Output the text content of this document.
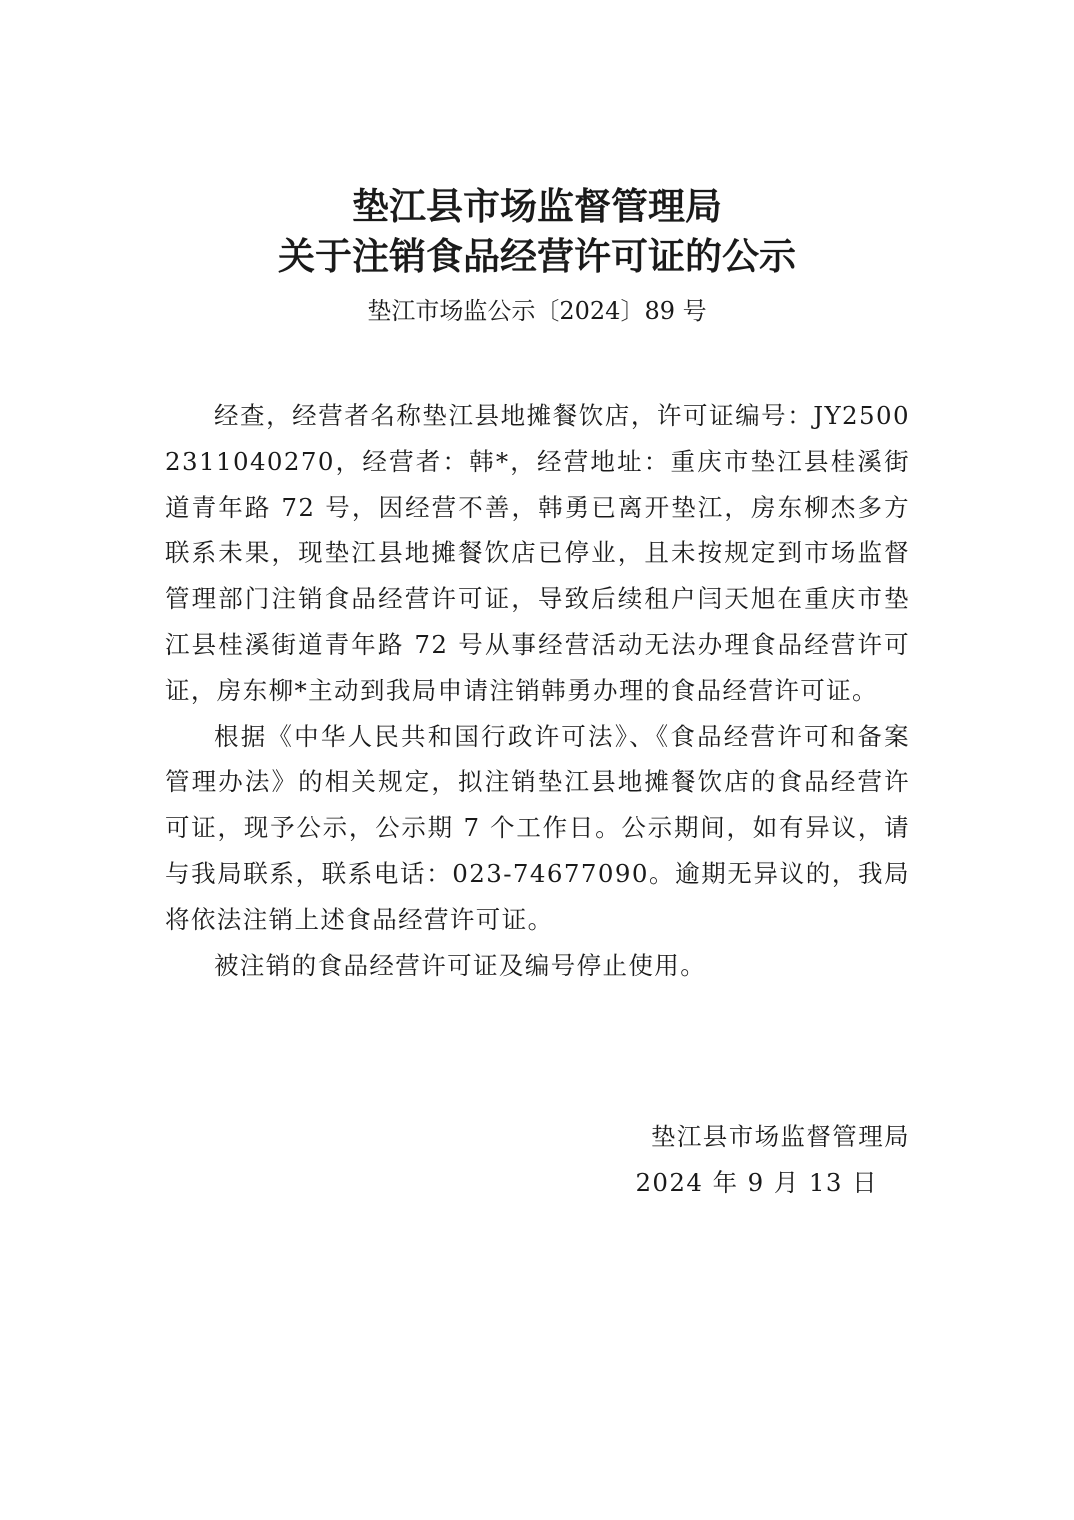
垫江县市场监督管理局
关于注销食品经营许可证的公示
垫江市场监公示〔2024〕89 号

经查，经营者名称垫江县地摊餐饮店，许可证编号：JY25002311040270，经营者：韩*，经营地址：重庆市垫江县桂溪街道青年路 72 号，因经营不善，韩勇已离开垫江，房东柳杰多方联系未果，现垫江县地摊餐饮店已停业，且未按规定到市场监督管理部门注销食品经营许可证，导致后续租户闫天旭在重庆市垫江县桂溪街道青年路 72 号从事经营活动无法办理食品经营许可证，房东柳*主动到我局申请注销韩勇办理的食品经营许可证。

根据《中华人民共和国行政许可法》、《食品经营许可和备案管理办法》的相关规定，拟注销垫江县地摊餐饮店的食品经营许可证，现予公示，公示期 7 个工作日。公示期间，如有异议，请与我局联系，联系电话：023-74677090。逾期无异议的，我局将依法注销上述食品经营许可证。

被注销的食品经营许可证及编号停止使用。

垫江县市场监督管理局
2024 年 9 月 13 日
